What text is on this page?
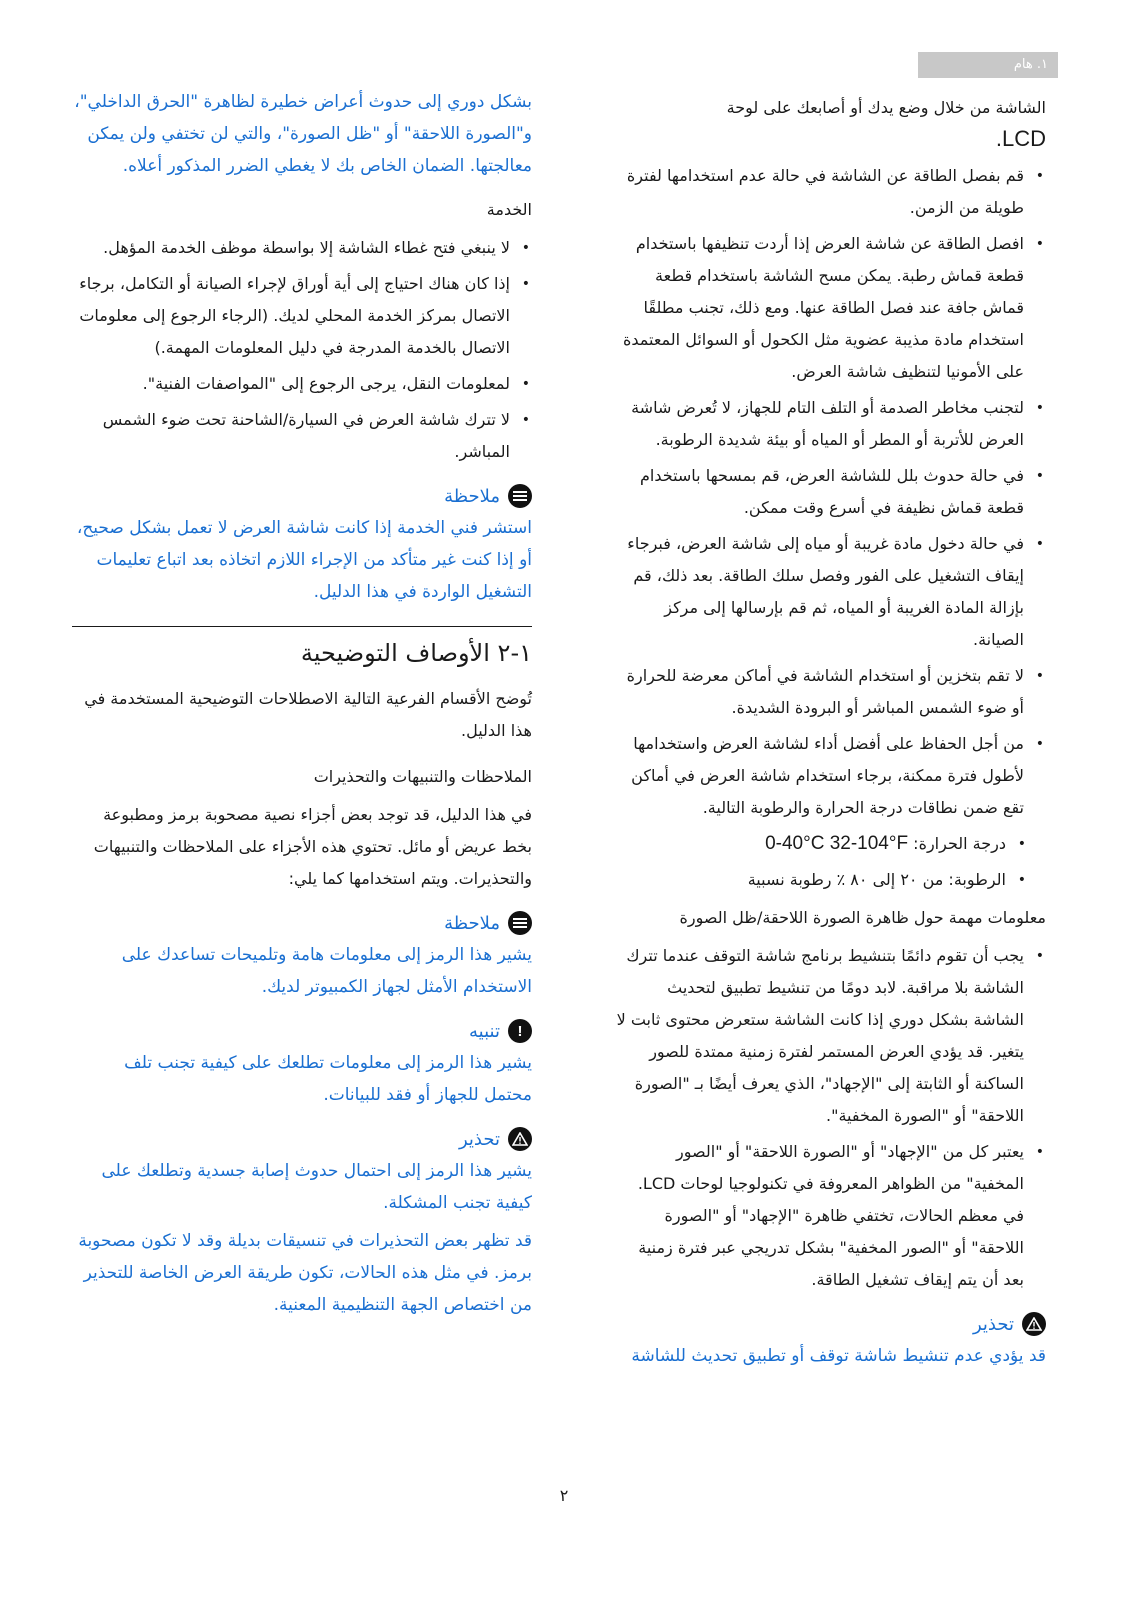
١. هام

الشاشة من خلال وضع يدك أو أصابعك على لوحة

LCD.
•
قم بفصل الطاقة عن الشاشة في حالة عدم استخدامها لفترة طويلة من الزمن.
•
افصل الطاقة عن شاشة العرض إذا أردت تنظيفها باستخدام قطعة قماش رطبة. يمكن مسح الشاشة باستخدام قطعة قماش جافة عند فصل الطاقة عنها. ومع ذلك، تجنب مطلقًا استخدام مادة مذيبة عضوية مثل الكحول أو السوائل المعتمدة على الأمونيا لتنظيف شاشة العرض.
•
لتجنب مخاطر الصدمة أو التلف التام للجهاز، لا تُعرض شاشة العرض للأتربة أو المطر أو المياه أو بيئة شديدة الرطوبة.
•
في حالة حدوث بلل للشاشة العرض، قم بمسحها باستخدام قطعة قماش نظيفة في أسرع وقت ممكن.
•
في حالة دخول مادة غريبة أو مياه إلى شاشة العرض، فبرجاء إيقاف التشغيل على الفور وفصل سلك الطاقة. بعد ذلك، قم بإزالة المادة الغريبة أو المياه، ثم قم بإرسالها إلى مركز الصيانة.
•
لا تقم بتخزين أو استخدام الشاشة في أماكن معرضة للحرارة أو ضوء الشمس المباشر أو البرودة الشديدة.
•
من أجل الحفاظ على أفضل أداء لشاشة العرض واستخدامها لأطول فترة ممكنة، برجاء استخدام شاشة العرض في أماكن تقع ضمن نطاقات درجة الحرارة والرطوبة التالية.
•
درجة الحرارة: 0-40°C 32-104°F
•
الرطوبة: من ٢٠ إلى ٨٠ ٪ رطوبة نسبية

معلومات مهمة حول ظاهرة الصورة اللاحقة/ظل الصورة

•
يجب أن تقوم دائمًا بتنشيط برنامج شاشة التوقف عندما تترك الشاشة بلا مراقبة. لابد دومًا من تنشيط تطبيق لتحديث الشاشة بشكل دوري إذا كانت الشاشة ستعرض محتوى ثابت لا يتغير. قد يؤدي العرض المستمر لفترة زمنية ممتدة للصور الساكنة أو الثابتة إلى "الإجهاد"، الذي يعرف أيضًا بـ "الصورة اللاحقة" أو "الصورة المخفية".
•
يعتبر كل من "الإجهاد" أو "الصورة اللاحقة" أو "الصور المخفية" من الظواهر المعروفة في تكنولوجيا لوحات LCD. في معظم الحالات، تختفي ظاهرة "الإجهاد" أو "الصورة اللاحقة" أو "الصور المخفية" بشكل تدريجي عبر فترة زمنية بعد أن يتم إيقاف تشغيل الطاقة.
تحذير

قد يؤدي عدم تنشيط شاشة توقف أو تطبيق تحديث للشاشة

بشكل دوري إلى حدوث أعراض خطيرة لظاهرة "الحرق الداخلي"، و"الصورة اللاحقة" أو "ظل الصورة"، والتي لن تختفي ولن يمكن معالجتها. الضمان الخاص بك لا يغطي الضرر المذكور أعلاه.

الخدمة

•
لا ينبغي فتح غطاء الشاشة إلا بواسطة موظف الخدمة المؤهل.
•
إذا كان هناك احتياج إلى أية أوراق لإجراء الصيانة أو التكامل، برجاء الاتصال بمركز الخدمة المحلي لديك. (الرجاء الرجوع إلى معلومات الاتصال بالخدمة المدرجة في دليل المعلومات المهمة.)
•
لمعلومات النقل، يرجى الرجوع إلى "المواصفات الفنية".
•
لا تترك شاشة العرض في السيارة/الشاحنة تحت ضوء الشمس المباشر.
ملاحظة

استشر فني الخدمة إذا كانت شاشة العرض لا تعمل بشكل صحيح، أو إذا كنت غير متأكد من الإجراء اللازم اتخاذه بعد اتباع تعليمات التشغيل الواردة في هذا الدليل.

١-٢ الأوصاف التوضيحية

تُوضح الأقسام الفرعية التالية الاصطلاحات التوضيحية المستخدمة في هذا الدليل.

الملاحظات والتنبيهات والتحذيرات

في هذا الدليل، قد توجد بعض أجزاء نصية مصحوبة برمز ومطبوعة بخط عريض أو مائل. تحتوي هذه الأجزاء على الملاحظات والتنبيهات والتحذيرات. ويتم استخدامها كما يلي:

ملاحظة

يشير هذا الرمز إلى معلومات هامة وتلميحات تساعدك على الاستخدام الأمثل لجهاز الكمبيوتر لديك.

!
تنبيه

يشير هذا الرمز إلى معلومات تطلعك على كيفية تجنب تلف محتمل للجهاز أو فقد للبيانات.

تحذير

يشير هذا الرمز إلى احتمال حدوث إصابة جسدية وتطلعك على كيفية تجنب المشكلة.

قد تظهر بعض التحذيرات في تنسيقات بديلة وقد لا تكون مصحوبة برمز. في مثل هذه الحالات، تكون طريقة العرض الخاصة للتحذير من اختصاص الجهة التنظيمية المعنية.

٢
